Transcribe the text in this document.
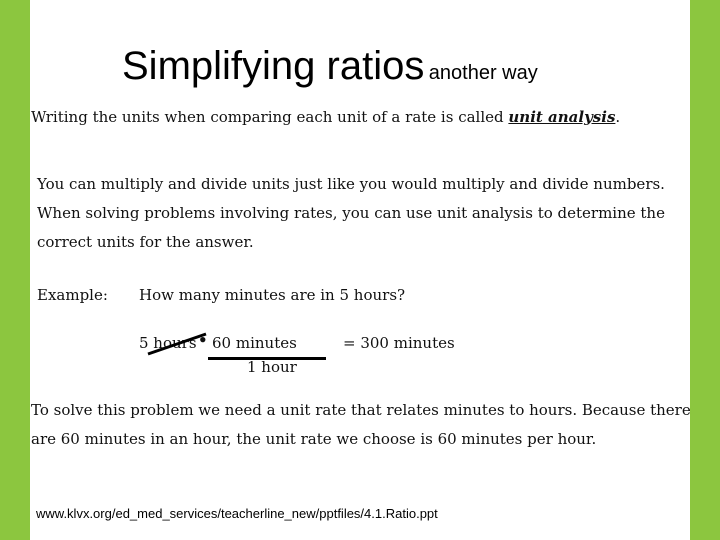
Simplifying ratios another way
Writing the units when comparing each unit of a rate is called unit analysis.
You can multiply and divide units just like you would multiply and divide numbers. When solving problems involving rates, you can use unit analysis to determine the correct units for the answer.
Example: How many minutes are in 5 hours?
5 hours • 60 minutes
1 hour
= 300 minutes
To solve this problem we need a unit rate that relates minutes to hours. Because there are 60 minutes in an hour, the unit rate we choose is 60 minutes per hour.
www.klvx.org/ed_med_services/teacherline_new/pptfiles/4.1.Ratio.ppt
